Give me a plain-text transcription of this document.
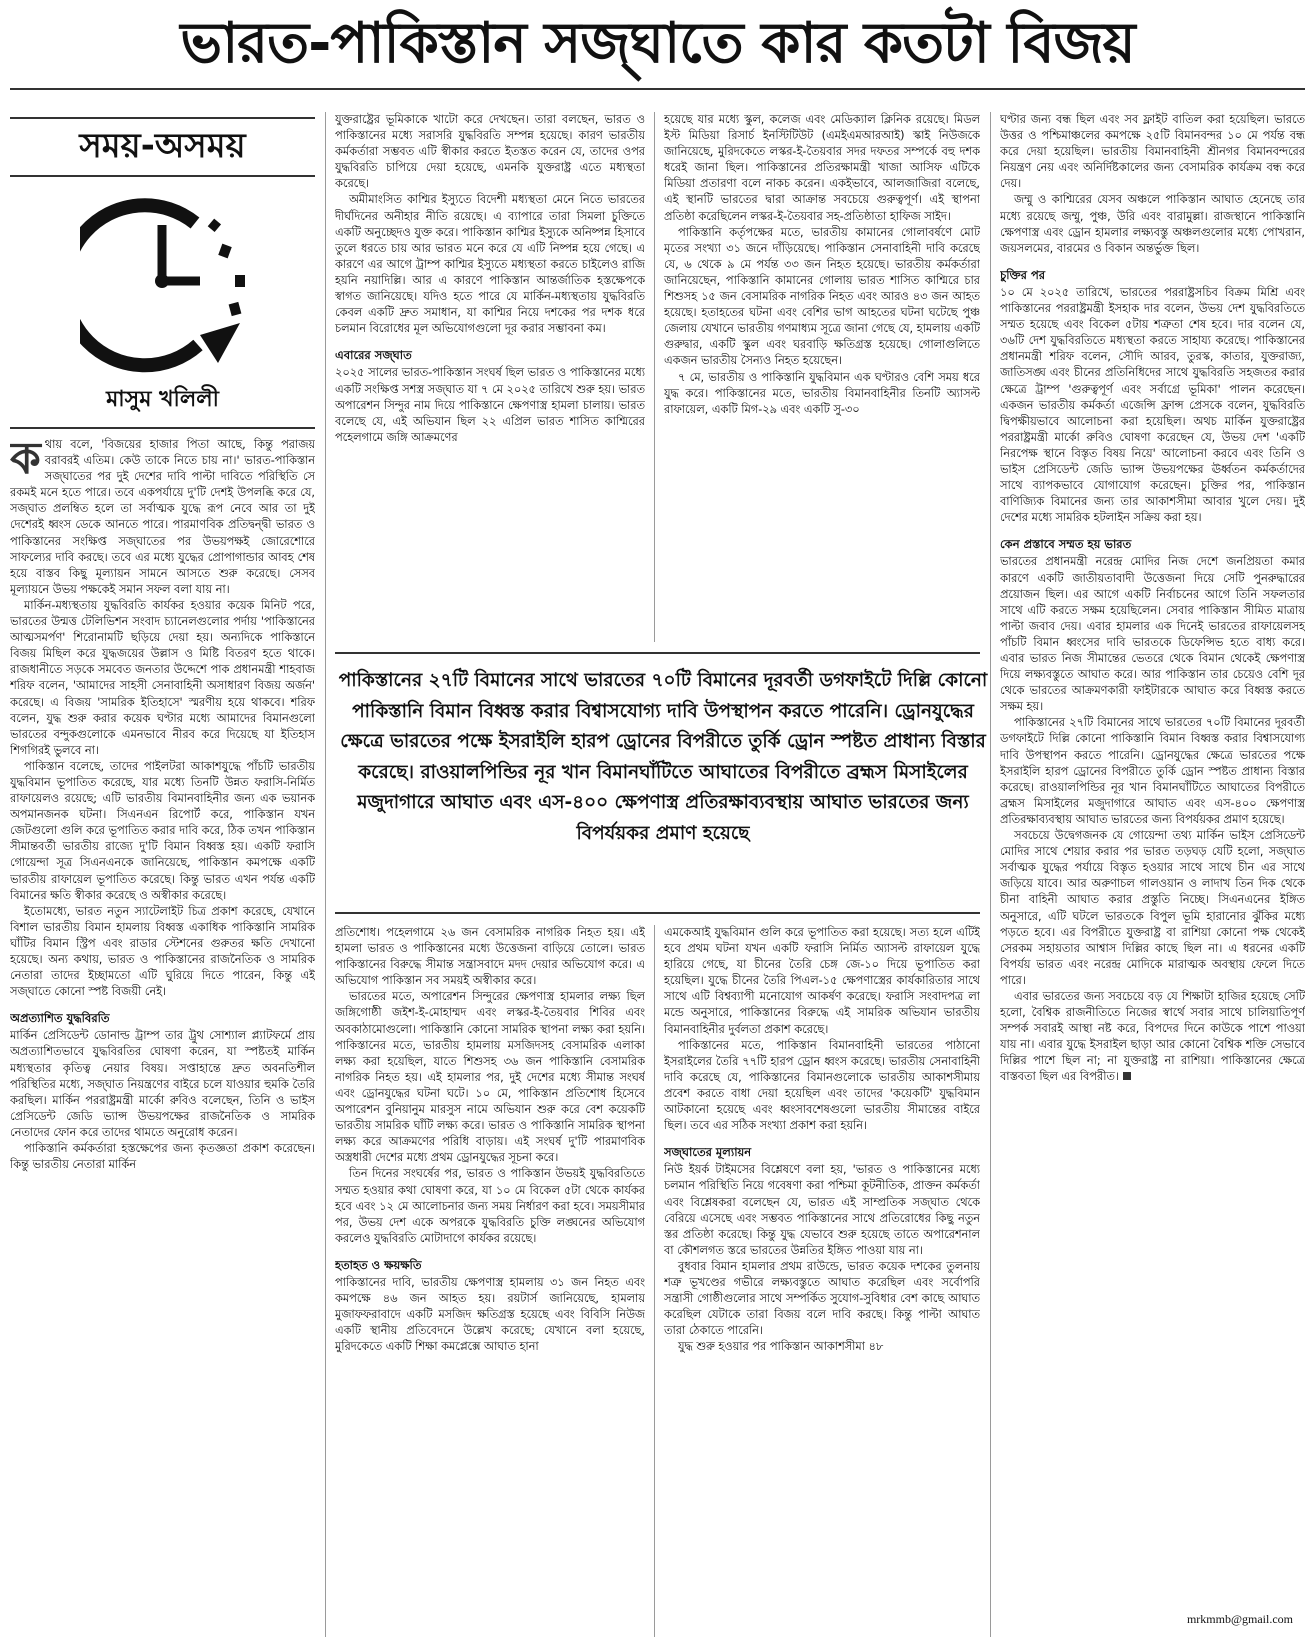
ভারত-পাকিস্তান সজ্ঘাতে কার কতটা বিজয়
সময়-অসময়
মাসুম খলিলী

কথায় বলে, 'বিজয়ের হাজার পিতা আছে, কিন্তু পরাজয় বরাবরই এতিম। কেউ তাকে নিতে চায় না।' ভারত-পাকিস্তান সজ্ঘাতের পর দুই দেশের দাবি পাল্টা দাবিতে পরিস্থিতি সে রকমই মনে হতে পারে। তবে একপর্যায়ে দু'টি দেশই উপলব্ধি করে যে, সজ্ঘাত প্রলম্বিত হলে তা সর্বাত্মক যুদ্ধে রূপ নেবে আর তা দুই দেশেরই ধ্বংস ডেকে আনতে পারে। পারমাণবিক প্রতিদ্বন্দ্বী ভারত ও পাকিস্তানের সংক্ষিপ্ত সজ্ঘাতের পর উভয়পক্ষই জোরেশোরে সাফল্যের দাবি করছে। তবে এর মধ্যে যুদ্ধের প্রোপাগান্ডার আবহ শেষ হয়ে বাস্তব কিছু মূল্যায়ন সামনে আসতে শুরু করেছে। সেসব মূল্যায়নে উভয় পক্ষকেই সমান সফল বলা যায় না।

মার্কিন-মধ্যস্থতায় যুদ্ধবিরতি কার্যকর হওয়ার কয়েক মিনিট পরে, ভারতের উন্মত্ত টেলিভিশন সংবাদ চ্যানেলগুলোর পর্দায় 'পাকিস্তানের আত্মসমর্পণ' শিরোনামটি ছড়িয়ে দেয়া হয়। অন্যদিকে পাকিস্তানে বিজয় মিছিল করে যুদ্ধজয়ের উল্লাস ও মিষ্টি বিতরণ হতে থাকে। রাজধানীতে সড়কে সমবেত জনতার উদ্দেশে পাক প্রধানমন্ত্রী শাহবাজ শরিফ বলেন, 'আমাদের সাহসী সেনাবাহিনী অসাধারণ বিজয় অর্জন' করেছে। এ বিজয় 'সামরিক ইতিহাসে' স্মরণীয় হয়ে থাকবে। শরিফ বলেন, যুদ্ধ শুরু করার কয়েক ঘণ্টার মধ্যে আমাদের বিমানগুলো ভারতের বন্দুকগুলোকে এমনভাবে নীরব করে দিয়েছে যা ইতিহাস শিগগিরই ভুলবে না।

পাকিস্তান বলেছে, তাদের পাইলটরা আকাশযুদ্ধে পাঁচটি ভারতীয় যুদ্ধবিমান ভূপাতিত করেছে, যার মধ্যে তিনটি উন্নত ফরাসি-নির্মিত রাফায়েলও রয়েছে; এটি ভারতীয় বিমানবাহিনীর জন্য এক ভয়ানক অপমানজনক ঘটনা। সিএনএন রিপোর্ট করে, পাকিস্তান যখন জেটগুলো গুলি করে ভূপাতিত করার দাবি করে, ঠিক তখন পাকিস্তান সীমান্তবর্তী ভারতীয় রাজ্যে দু'টি বিমান বিধ্বস্ত হয়। একটি ফরাসি গোয়েন্দা সূত্র সিএনএনকে জানিয়েছে, পাকিস্তান কমপক্ষে একটি ভারতীয় রাফায়েল ভূপাতিত করেছে। কিন্তু ভারত এখন পর্যন্ত একটি বিমানের ক্ষতি স্বীকার করেছে ও অস্বীকার করেছে।

ইতোমধ্যে, ভারত নতুন স্যাটেলাইট চিত্র প্রকাশ করেছে, যেখানে বিশাল ভারতীয় বিমান হামলায় বিধ্বস্ত একাধিক পাকিস্তানি সামরিক ঘাঁটির বিমান স্ট্রিপ এবং রাডার স্টেশনের গুরুতর ক্ষতি দেখানো হয়েছে। অন্য কথায়, ভারত ও পাকিস্তানের রাজনৈতিক ও সামরিক নেতারা তাদের ইচ্ছামতো এটি ঘুরিয়ে দিতে পারেন, কিন্তু এই সজ্ঘাতে কোনো স্পষ্ট বিজয়ী নেই।

অপ্রত্যাশিত যুদ্ধবিরতি

মার্কিন প্রেসিডেন্ট ডোনাল্ড ট্রাম্প তার ট্রুথ সোশ্যাল প্ল্যাটফর্মে প্রায় অপ্রত্যাশিতভাবে যুদ্ধবিরতির ঘোষণা করেন, যা স্পষ্টতই মার্কিন মধ্যস্থতার কৃতিত্ব নেয়ার বিষয়। সপ্তাহান্তে দ্রুত অবনতিশীল পরিস্থিতির মধ্যে, সজ্ঘাত নিয়ন্ত্রণের বাইরে চলে যাওয়ার হুমকি তৈরি করছিল। মার্কিন পররাষ্ট্রমন্ত্রী মার্কো রুবিও বলেছেন, তিনি ও ভাইস প্রেসিডেন্ট জেডি ভ্যান্স উভয়পক্ষের রাজনৈতিক ও সামরিক নেতাদের ফোন করে তাদের থামতে অনুরোধ করেন।

পাকিস্তানি কর্মকর্তারা হস্তক্ষেপের জন্য কৃতজ্ঞতা প্রকাশ করেছেন। কিন্তু ভারতীয় নেতারা মার্কিন

যুক্তরাষ্ট্রের ভূমিকাকে খাটো করে দেখছেন। তারা বলছেন, ভারত ও পাকিস্তানের মধ্যে সরাসরি যুদ্ধবিরতি সম্পন্ন হয়েছে। কারণ ভারতীয় কর্মকর্তারা সম্ভবত এটি স্বীকার করতে ইতস্তত করেন যে, তাদের ওপর যুদ্ধবিরতি চাপিয়ে দেয়া হয়েছে, এমনকি যুক্তরাষ্ট্র এতে মধ্যস্থতা করেছে।

অমীমাংসিত কাশ্মির ইস্যুতে বিদেশী মধ্যস্থতা মেনে নিতে ভারতের দীর্ঘদিনের অনীহার নীতি রয়েছে। এ ব্যাপারে তারা সিমলা চুক্তিতে একটি অনুচ্ছেদও যুক্ত করে। পাকিস্তান কাশ্মির ইস্যুকে অনিষ্পন্ন হিসাবে তুলে ধরতে চায় আর ভারত মনে করে যে এটি নিষ্পন্ন হয়ে গেছে। এ কারণে এর আগে ট্রাম্প কাশ্মির ইস্যুতে মধ্যস্থতা করতে চাইলেও রাজি হয়নি নয়াদিল্লি। আর এ কারণে পাকিস্তান আন্তর্জাতিক হস্তক্ষেপকে স্বাগত জানিয়েছে। যদিও হতে পারে যে মার্কিন-মধ্যস্থতায় যুদ্ধবিরতি কেবল একটি দ্রুত সমাধান, যা কাশ্মির নিয়ে দশকের পর দশক ধরে চলমান বিরোধের মূল অভিযোগগুলো দূর করার সম্ভাবনা কম।

এবারের সজ্ঘাত

২০২৫ সালের ভারত-পাকিস্তান সংঘর্ষ ছিল ভারত ও পাকিস্তানের মধ্যে একটি সংক্ষিপ্ত সশস্ত্র সজ্ঘাত যা ৭ মে ২০২৫ তারিখে শুরু হয়। ভারত অপারেশন সিন্দুর নাম দিয়ে পাকিস্তানে ক্ষেপণাস্ত্র হামলা চালায়। ভারত বলেছে যে, এই অভিযান ছিল ২২ এপ্রিল ভারত শাসিত কাশ্মিরের পহেলগামে জঙ্গি আক্রমণের

হয়েছে যার মধ্যে স্কুল, কলেজ এবং মেডিক্যাল ক্লিনিক রয়েছে। মিডল ইস্ট মিডিয়া রিসার্চ ইনস্টিটিউট (এমইএমআরআই) স্কাই নিউজকে জানিয়েছে, মুরিদকেতে লস্কর-ই-তৈয়বার সদর দফতর সম্পর্কে বহু দশক ধরেই জানা ছিল। পাকিস্তানের প্রতিরক্ষামন্ত্রী খাজা আসিফ এটিকে মিডিয়া প্রতারণা বলে নাকচ করেন। একইভাবে, আলজাজিরা বলেছে, এই স্থানটি ভারতের দ্বারা আক্রান্ত সবচেয়ে গুরুত্বপূর্ণ। এই স্থাপনা প্রতিষ্ঠা করেছিলেন লস্কর-ই-তৈয়বার সহ-প্রতিষ্ঠাতা হাফিজ সাইদ।

পাকিস্তানি কর্তৃপক্ষের মতে, ভারতীয় কামানের গোলাবর্ষণে মোট মৃতের সংখ্যা ৩১ জনে দাঁড়িয়েছে। পাকিস্তান সেনাবাহিনী দাবি করেছে যে, ৬ থেকে ৯ মে পর্যন্ত ৩৩ জন নিহত হয়েছে। ভারতীয় কর্মকর্তারা জানিয়েছেন, পাকিস্তানি কামানের গোলায় ভারত শাসিত কাশ্মিরে চার শিশুসহ ১৫ জন বেসামরিক নাগরিক নিহত এবং আরও ৪৩ জন আহত হয়েছে। হতাহতের ঘটনা এবং বেশির ভাগ আহতের ঘটনা ঘটেছে পুঞ্চ জেলায় যেখানে ভারতীয় গণমাধ্যম সূত্রে জানা গেছে যে, হামলায় একটি গুরুদ্বার, একটি স্কুল এবং ঘরবাড়ি ক্ষতিগ্রস্ত হয়েছে। গোলাগুলিতে একজন ভারতীয় সৈন্যও নিহত হয়েছেন।

৭ মে, ভারতীয় ও পাকিস্তানি যুদ্ধবিমান এক ঘণ্টারও বেশি সময় ধরে যুদ্ধ করে। পাকিস্তানের মতে, ভারতীয় বিমানবাহিনীর তিনটি অ্যাসল্ট রাফায়েল, একটি মিগ-২৯ এবং একটি সু-৩০

পাকিস্তানের ২৭টি বিমানের সাথে ভারতের ৭০টি বিমানের দূরবর্তী ডগফাইটে দিল্লি কোনো পাকিস্তানি বিমান বিধ্বস্ত করার বিশ্বাসযোগ্য দাবি উপস্থাপন করতে পারেনি। ড্রোনযুদ্ধের ক্ষেত্রে ভারতের পক্ষে ইসরাইলি হারপ ড্রোনের বিপরীতে তুর্কি ড্রোন স্পষ্টত প্রাধান্য বিস্তার করেছে। রাওয়ালপিন্ডির নূর খান বিমানঘাঁটিতে আঘাতের বিপরীতে ব্রহ্মস মিসাইলের মজুদাগারে আঘাত এবং এস-৪০০ ক্ষেপণাস্ত্র প্রতিরক্ষাব্যবস্থায় আঘাত ভারতের জন্য বিপর্যয়কর প্রমাণ হয়েছে

প্রতিশোধ। পহেলগামে ২৬ জন বেসামরিক নাগরিক নিহত হয়। এই হামলা ভারত ও পাকিস্তানের মধ্যে উত্তেজনা বাড়িয়ে তোলে। ভারত পাকিস্তানের বিরুদ্ধে সীমান্ত সন্ত্রাসবাদে মদদ দেয়ার অভিযোগ করে। এ অভিযোগ পাকিস্তান সব সময়ই অস্বীকার করে।

ভারতের মতে, অপারেশন সিন্দুরের ক্ষেপণাস্ত্র হামলার লক্ষ্য ছিল জঙ্গিগোষ্ঠী জইশ-ই-মোহাম্মদ এবং লস্কর-ই-তৈয়বার শিবির এবং অবকাঠামোগুলো। পাকিস্তানি কোনো সামরিক স্থাপনা লক্ষ্য করা হয়নি। পাকিস্তানের মতে, ভারতীয় হামলায় মসজিদসহ বেসামরিক এলাকা লক্ষ্য করা হয়েছিল, যাতে শিশুসহ ৩৬ জন পাকিস্তানি বেসামরিক নাগরিক নিহত হয়। এই হামলার পর, দুই দেশের মধ্যে সীমান্ত সংঘর্ষ এবং ড্রোনযুদ্ধের ঘটনা ঘটে। ১০ মে, পাকিস্তান প্রতিশোধ হিসেবে অপারেশন বুনিয়ানুম মারসুস নামে অভিযান শুরু করে বেশ কয়েকটি ভারতীয় সামরিক ঘাঁটি লক্ষ্য করে। ভারত ও পাকিস্তানি সামরিক স্থাপনা লক্ষ্য করে আক্রমণের পরিধি বাড়ায়। এই সংঘর্ষ দু'টি পারমাণবিক অস্ত্রধারী দেশের মধ্যে প্রথম ড্রোনযুদ্ধের সূচনা করে।

তিন দিনের সংঘর্ষের পর, ভারত ও পাকিস্তান উভয়ই যুদ্ধবিরতিতে সম্মত হওয়ার কথা ঘোষণা করে, যা ১০ মে বিকেল ৫টা থেকে কার্যকর হবে এবং ১২ মে আলোচনার জন্য সময় নির্ধারণ করা হবে। সময়সীমার পর, উভয় দেশ একে অপরকে যুদ্ধবিরতি চুক্তি লঙ্ঘনের অভিযোগ করলেও যুদ্ধবিরতি মোটাদাগে কার্যকর রয়েছে।

হতাহত ও ক্ষয়ক্ষতি

পাকিস্তানের দাবি, ভারতীয় ক্ষেপণাস্ত্র হামলায় ৩১ জন নিহত এবং কমপক্ষে ৪৬ জন আহত হয়। রয়টার্স জানিয়েছে, হামলায় মুজাফফরাবাদে একটি মসজিদ ক্ষতিগ্রস্ত হয়েছে এবং বিবিসি নিউজ একটি স্থানীয় প্রতিবেদনে উল্লেখ করেছে; যেখানে বলা হয়েছে, মুরিদকেতে একটি শিক্ষা কমপ্লেক্সে আঘাত হানা

এমকেআই যুদ্ধবিমান গুলি করে ভূপাতিত করা হয়েছে। সত্য হলে এটিই হবে প্রথম ঘটনা যখন একটি ফরাসি নির্মিত অ্যাসল্ট রাফায়েল যুদ্ধে হারিয়ে গেছে, যা চীনের তৈরি চেঙ্গ জে-১০ দিয়ে ভূপাতিত করা হয়েছিল। যুদ্ধে চীনের তৈরি পিএল-১৫ ক্ষেপণাস্ত্রের কার্যকারিতার সাথে সাথে এটি বিশ্বব্যাপী মনোযোগ আকর্ষণ করেছে। ফরাসি সংবাদপত্র লা মন্ডে অনুসারে, পাকিস্তানের বিরুদ্ধে এই সামরিক অভিযান ভারতীয় বিমানবাহিনীর দুর্বলতা প্রকাশ করেছে।

পাকিস্তানের মতে, পাকিস্তান বিমানবাহিনী ভারতের পাঠানো ইসরাইলের তৈরি ৭৭টি হারপ ড্রোন ধ্বংস করেছে। ভারতীয় সেনাবাহিনী দাবি করেছে যে, পাকিস্তানের বিমানগুলোকে ভারতীয় আকাশসীমায় প্রবেশ করতে বাধা দেয়া হয়েছিল এবং তাদের 'কয়েকটি' যুদ্ধবিমান আটকানো হয়েছে এবং ধ্বংসাবশেষগুলো ভারতীয় সীমান্তের বাইরে ছিল। তবে এর সঠিক সংখ্যা প্রকাশ করা হয়নি।

সজ্ঘাতের মূল্যায়ন

নিউ ইয়র্ক টাইমসের বিশ্লেষণে বলা হয়, 'ভারত ও পাকিস্তানের মধ্যে চলমান পরিস্থিতি নিয়ে গবেষণা করা পশ্চিমা কূটনীতিক, প্রাক্তন কর্মকর্তা এবং বিশ্লেষকরা বলেছেন যে, ভারত এই সাম্প্রতিক সজ্ঘাত থেকে বেরিয়ে এসেছে এবং সম্ভবত পাকিস্তানের সাথে প্রতিরোধের কিছু নতুন স্তর প্রতিষ্ঠা করেছে। কিন্তু যুদ্ধ যেভাবে শুরু হয়েছে তাতে অপারেশনাল বা কৌশলগত স্তরে ভারতের উন্নতির ইঙ্গিত পাওয়া যায় না।

বুধবার বিমান হামলার প্রথম রাউন্ডে, ভারত কয়েক দশকের তুলনায় শত্রু ভূখণ্ডের গভীরে লক্ষ্যবস্তুতে আঘাত করেছিল এবং সর্বোপরি সন্ত্রাসী গোষ্ঠীগুলোর সাথে সম্পর্কিত সুযোগ-সুবিধার বেশ কাছে আঘাত করেছিল যেটাকে তারা বিজয় বলে দাবি করছে। কিন্তু পাল্টা আঘাত তারা ঠেকাতে পারেনি।

যুদ্ধ শুরু হওয়ার পর পাকিস্তান আকাশসীমা ৪৮

ঘণ্টার জন্য বন্ধ ছিল এবং সব ফ্লাইট বাতিল করা হয়েছিল। ভারতে উত্তর ও পশ্চিমাঞ্চলের কমপক্ষে ২৫টি বিমানবন্দর ১০ মে পর্যন্ত বন্ধ করে দেয়া হয়েছিল। ভারতীয় বিমানবাহিনী শ্রীনগর বিমানবন্দরের নিয়ন্ত্রণ নেয় এবং অনির্দিষ্টকালের জন্য বেসামরিক কার্যক্রম বন্ধ করে দেয়।

জম্মু ও কাশ্মিরের যেসব অঞ্চলে পাকিস্তান আঘাত হেনেছে তার মধ্যে রয়েছে জম্মু, পুঞ্চ, উরি এবং বারামুল্লা। রাজস্থানে পাকিস্তানি ক্ষেপণাস্ত্র এবং ড্রোন হামলার লক্ষ্যবস্তু অঞ্চলগুলোর মধ্যে পোখরান, জয়সলমের, বারমের ও বিকান অন্তর্ভুক্ত ছিল।

চুক্তির পর

১০ মে ২০২৫ তারিখে, ভারতের পররাষ্ট্রসচিব বিক্রম মিশ্রি এবং পাকিস্তানের পররাষ্ট্রমন্ত্রী ইসহাক দার বলেন, উভয় দেশ যুদ্ধবিরতিতে সম্মত হয়েছে এবং বিকেল ৫টায় শত্রুতা শেষ হবে। দার বলেন যে, ৩৬টি দেশ যুদ্ধবিরতিতে মধ্যস্থতা করতে সাহায্য করেছে। পাকিস্তানের প্রধানমন্ত্রী শরিফ বলেন, সৌদি আরব, তুরস্ক, কাতার, যুক্তরাজ্য, জাতিসঙ্ঘ এবং চীনের প্রতিনিধিদের সাথে যুদ্ধবিরতি সহজতর করার ক্ষেত্রে ট্রাম্প 'গুরুত্বপূর্ণ এবং সর্বাগ্রে ভূমিকা' পালন করেছেন। একজন ভারতীয় কর্মকর্তা এজেন্সি ফ্রান্স প্রেসকে বলেন, যুদ্ধবিরতি দ্বিপক্ষীয়ভাবে আলোচনা করা হয়েছিল। অথচ মার্কিন যুক্তরাষ্ট্রের পররাষ্ট্রমন্ত্রী মার্কো রুবিও ঘোষণা করেছেন যে, উভয় দেশ 'একটি নিরপেক্ষ স্থানে বিস্তৃত বিষয় নিয়ে' আলোচনা করবে এবং তিনি ও ভাইস প্রেসিডেন্ট জেডি ভ্যান্স উভয়পক্ষের ঊর্ধ্বতন কর্মকর্তাদের সাথে ব্যাপকভাবে যোগাযোগ করেছেন। চুক্তির পর, পাকিস্তান বাণিজ্যিক বিমানের জন্য তার আকাশসীমা আবার খুলে দেয়। দুই দেশের মধ্যে সামরিক হটলাইন সক্রিয় করা হয়।

কেন প্রস্তাবে সম্মত হয় ভারত

ভারতের প্রধানমন্ত্রী নরেন্দ্র মোদির নিজ দেশে জনপ্রিয়তা কমার কারণে একটি জাতীয়তাবাদী উত্তেজনা দিয়ে সেটি পুনরুদ্ধারের প্রয়োজন ছিল। এর আগে একটি নির্বাচনের আগে তিনি সফলতার সাথে এটি করতে সক্ষম হয়েছিলেন। সেবার পাকিস্তান সীমিত মাত্রায় পাল্টা জবাব দেয়। এবার হামলার এক দিনেই ভারতের রাফায়েলসহ পাঁচটি বিমান ধ্বংসের দাবি ভারতকে ডিফেন্সিভ হতে বাধ্য করে। এবার ভারত নিজ সীমান্তের ভেতরে থেকে বিমান থেকেই ক্ষেপণাস্ত্র দিয়ে লক্ষ্যবস্তুতে আঘাত করে। আর পাকিস্তান তার চেয়েও বেশি দূর থেকে ভারতের আক্রমণকারী ফাইটারকে আঘাত করে বিধ্বস্ত করতে সক্ষম হয়।

পাকিস্তানের ২৭টি বিমানের সাথে ভারতের ৭০টি বিমানের দূরবর্তী ডগফাইটে দিল্লি কোনো পাকিস্তানি বিমান বিধ্বস্ত করার বিশ্বাসযোগ্য দাবি উপস্থাপন করতে পারেনি। ড্রোনযুদ্ধের ক্ষেত্রে ভারতের পক্ষে ইসরাইলি হারপ ড্রোনের বিপরীতে তুর্কি ড্রোন স্পষ্টত প্রাধান্য বিস্তার করেছে। রাওয়ালপিন্ডির নূর খান বিমানঘাঁটিতে আঘাতের বিপরীতে ব্রহ্মস মিসাইলের মজুদাগারে আঘাত এবং এস-৪০০ ক্ষেপণাস্ত্র প্রতিরক্ষাব্যবস্থায় আঘাত ভারতের জন্য বিপর্যয়কর প্রমাণ হয়েছে।

সবচেয়ে উদ্বেগজনক যে গোয়েন্দা তথ্য মার্কিন ভাইস প্রেসিডেন্ট মোদির সাথে শেয়ার করার পর ভারত তড়ঘড় যেটি হলো, সজ্ঘাত সর্বাত্মক যুদ্ধের পর্যায়ে বিস্তৃত হওয়ার সাথে সাথে চীন এর সাথে জড়িয়ে যাবে। আর অরুণাচল গালওয়ান ও লাদাখ তিন দিক থেকে চীনা বাহিনী আঘাত করার প্রস্তুতি নিচ্ছে। সিএনএনের ইঙ্গিত অনুসারে, এটি ঘটলে ভারতকে বিপুল ভূমি হারানোর ঝুঁকির মধ্যে পড়তে হবে। এর বিপরীতে যুক্তরাষ্ট্র বা রাশিয়া কোনো পক্ষ থেকেই সেরকম সহায়তার আশ্বাস দিল্লির কাছে ছিল না। এ ধরনের একটি বিপর্যয় ভারত এবং নরেন্দ্র মোদিকে মারাত্মক অবস্থায় ফেলে দিতে পারে।

এবার ভারতের জন্য সবচেয়ে বড় যে শিক্ষাটা হাজির হয়েছে সেটি হলো, বৈশ্বিক রাজনীতিতে নিজের স্বার্থে সবার সাথে চালিয়াতিপূর্ণ সম্পর্ক সবারই আস্থা নষ্ট করে, বিপদের দিনে কাউকে পাশে পাওয়া যায় না। এবার যুদ্ধে ইসরাইল ছাড়া আর কোনো বৈশ্বিক শক্তি সেভাবে দিল্লির পাশে ছিল না; না যুক্তরাষ্ট্র না রাশিয়া। পাকিস্তানের ক্ষেত্রে বাস্তবতা ছিল এর বিপরীত।

mrkmmb@gmail.com
